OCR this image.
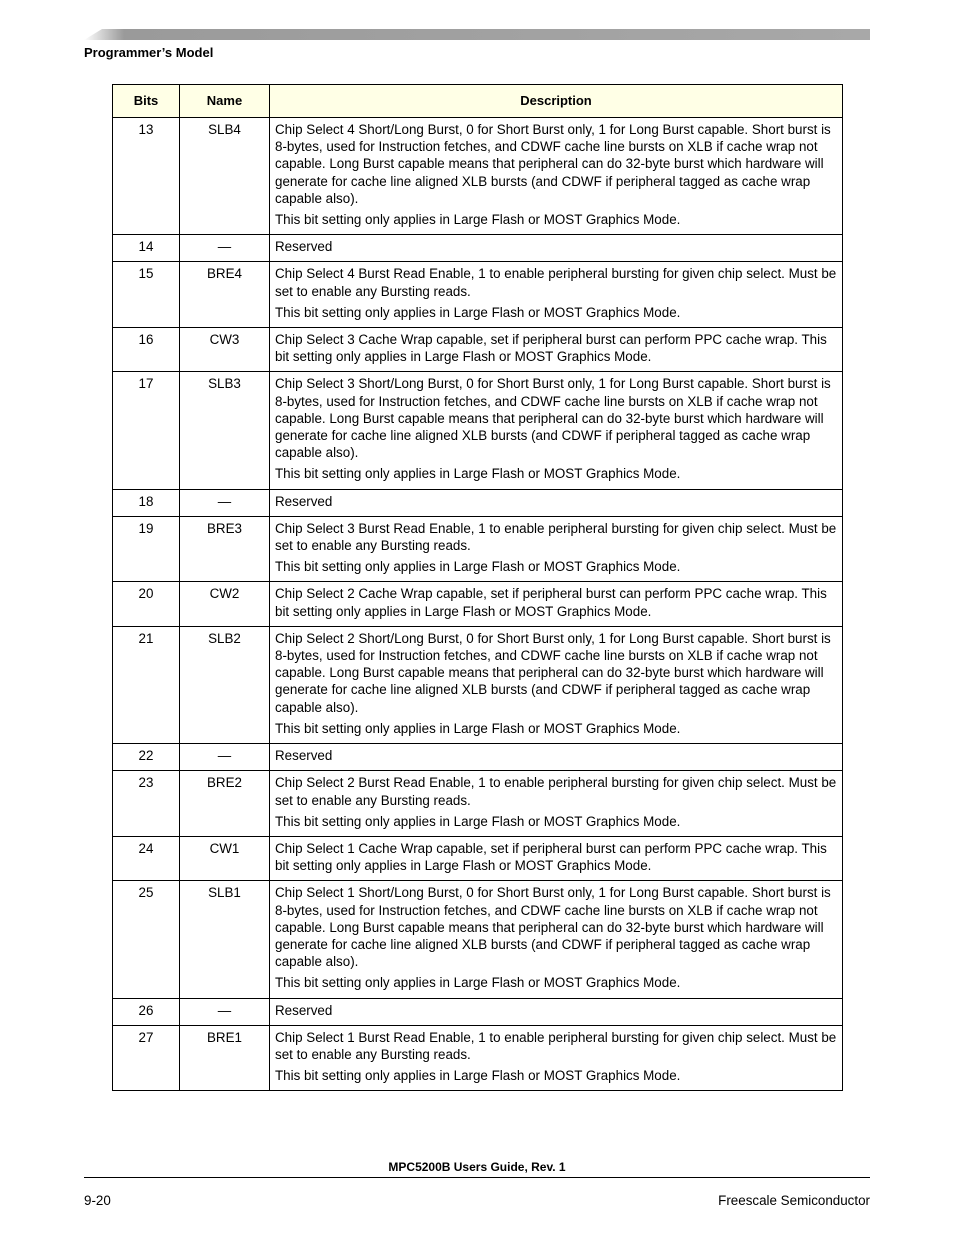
Programmer’s Model
Bits	Name	Description
13	SLB4	Chip Select 4 Short/Long Burst, 0 for Short Burst only, 1 for Long Burst capable. Short burst is 8-bytes, used for Instruction fetches, and CDWF cache line bursts on XLB if cache wrap not capable. Long Burst capable means that peripheral can do 32-byte burst which hardware will generate for cache line aligned XLB bursts (and CDWF if peripheral tagged as cache wrap capable also).

This bit setting only applies in Large Flash or MOST Graphics Mode.

14	—	Reserved

15	BRE4	Chip Select 4 Burst Read Enable, 1 to enable peripheral bursting for given chip select. Must be set to enable any Bursting reads.

This bit setting only applies in Large Flash or MOST Graphics Mode.

16	CW3	Chip Select 3 Cache Wrap capable, set if peripheral burst can perform PPC cache wrap. This bit setting only applies in Large Flash or MOST Graphics Mode.

17	SLB3	Chip Select 3 Short/Long Burst, 0 for Short Burst only, 1 for Long Burst capable. Short burst is 8-bytes, used for Instruction fetches, and CDWF cache line bursts on XLB if cache wrap not capable. Long Burst capable means that peripheral can do 32-byte burst which hardware will generate for cache line aligned XLB bursts (and CDWF if peripheral tagged as cache wrap capable also).

This bit setting only applies in Large Flash or MOST Graphics Mode.

18	—	Reserved

19	BRE3	Chip Select 3 Burst Read Enable, 1 to enable peripheral bursting for given chip select. Must be set to enable any Bursting reads.

This bit setting only applies in Large Flash or MOST Graphics Mode.

20	CW2	Chip Select 2 Cache Wrap capable, set if peripheral burst can perform PPC cache wrap. This bit setting only applies in Large Flash or MOST Graphics Mode.

21	SLB2	Chip Select 2 Short/Long Burst, 0 for Short Burst only, 1 for Long Burst capable. Short burst is 8-bytes, used for Instruction fetches, and CDWF cache line bursts on XLB if cache wrap not capable. Long Burst capable means that peripheral can do 32-byte burst which hardware will generate for cache line aligned XLB bursts (and CDWF if peripheral tagged as cache wrap capable also).

This bit setting only applies in Large Flash or MOST Graphics Mode.

22	—	Reserved

23	BRE2	Chip Select 2 Burst Read Enable, 1 to enable peripheral bursting for given chip select. Must be set to enable any Bursting reads.

This bit setting only applies in Large Flash or MOST Graphics Mode.

24	CW1	Chip Select 1 Cache Wrap capable, set if peripheral burst can perform PPC cache wrap. This bit setting only applies in Large Flash or MOST Graphics Mode.

25	SLB1	Chip Select 1 Short/Long Burst, 0 for Short Burst only, 1 for Long Burst capable. Short burst is 8-bytes, used for Instruction fetches, and CDWF cache line bursts on XLB if cache wrap not capable. Long Burst capable means that peripheral can do 32-byte burst which hardware will generate for cache line aligned XLB bursts (and CDWF if peripheral tagged as cache wrap capable also).

This bit setting only applies in Large Flash or MOST Graphics Mode.

26	—	Reserved

27	BRE1	Chip Select 1 Burst Read Enable, 1 to enable peripheral bursting for given chip select. Must be set to enable any Bursting reads.

This bit setting only applies in Large Flash or MOST Graphics Mode.

MPC5200B Users Guide, Rev. 1
9-20	Freescale Semiconductor
